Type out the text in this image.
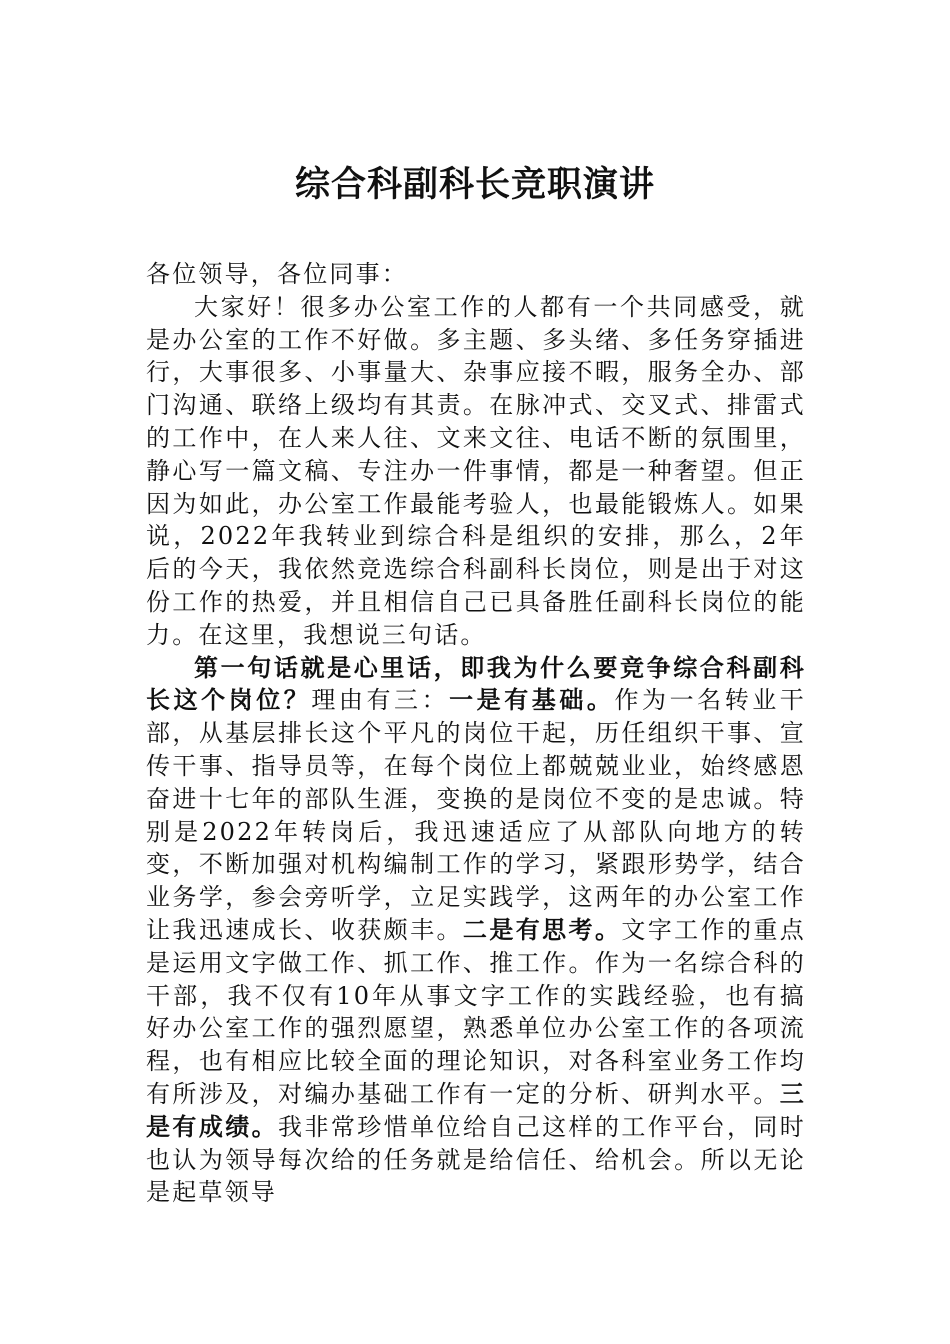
综合科副科长竞职演讲

各位领导，各位同事：

大家好！很多办公室工作的人都有一个共同感受，就是办公室的工作不好做。多主题、多头绪、多任务穿插进行，大事很多、小事量大、杂事应接不暇，服务全办、部门沟通、联络上级均有其责。在脉冲式、交叉式、排雷式的工作中，在人来人往、文来文往、电话不断的氛围里，静心写一篇文稿、专注办一件事情，都是一种奢望。但正因为如此，办公室工作最能考验人，也最能锻炼人。如果说，2022年我转业到综合科是组织的安排，那么，2年后的今天，我依然竞选综合科副科长岗位，则是出于对这份工作的热爱，并且相信自己已具备胜任副科长岗位的能力。在这里，我想说三句话。

第一句话就是心里话，即我为什么要竞争综合科副科长这个岗位？理由有三：一是有基础。作为一名转业干部，从基层排长这个平凡的岗位干起，历任组织干事、宣传干事、指导员等，在每个岗位上都兢兢业业，始终感恩奋进十七年的部队生涯，变换的是岗位不变的是忠诚。特别是2022年转岗后，我迅速适应了从部队向地方的转变，不断加强对机构编制工作的学习，紧跟形势学，结合业务学，参会旁听学，立足实践学，这两年的办公室工作让我迅速成长、收获颇丰。二是有思考。文字工作的重点是运用文字做工作、抓工作、推工作。作为一名综合科的干部，我不仅有10年从事文字工作的实践经验，也有搞好办公室工作的强烈愿望，熟悉单位办公室工作的各项流程，也有相应比较全面的理论知识，对各科室业务工作均有所涉及，对编办基础工作有一定的分析、研判水平。三是有成绩。我非常珍惜单位给自己这样的工作平台，同时也认为领导每次给的任务就是给信任、给机会。所以无论是起草领导
